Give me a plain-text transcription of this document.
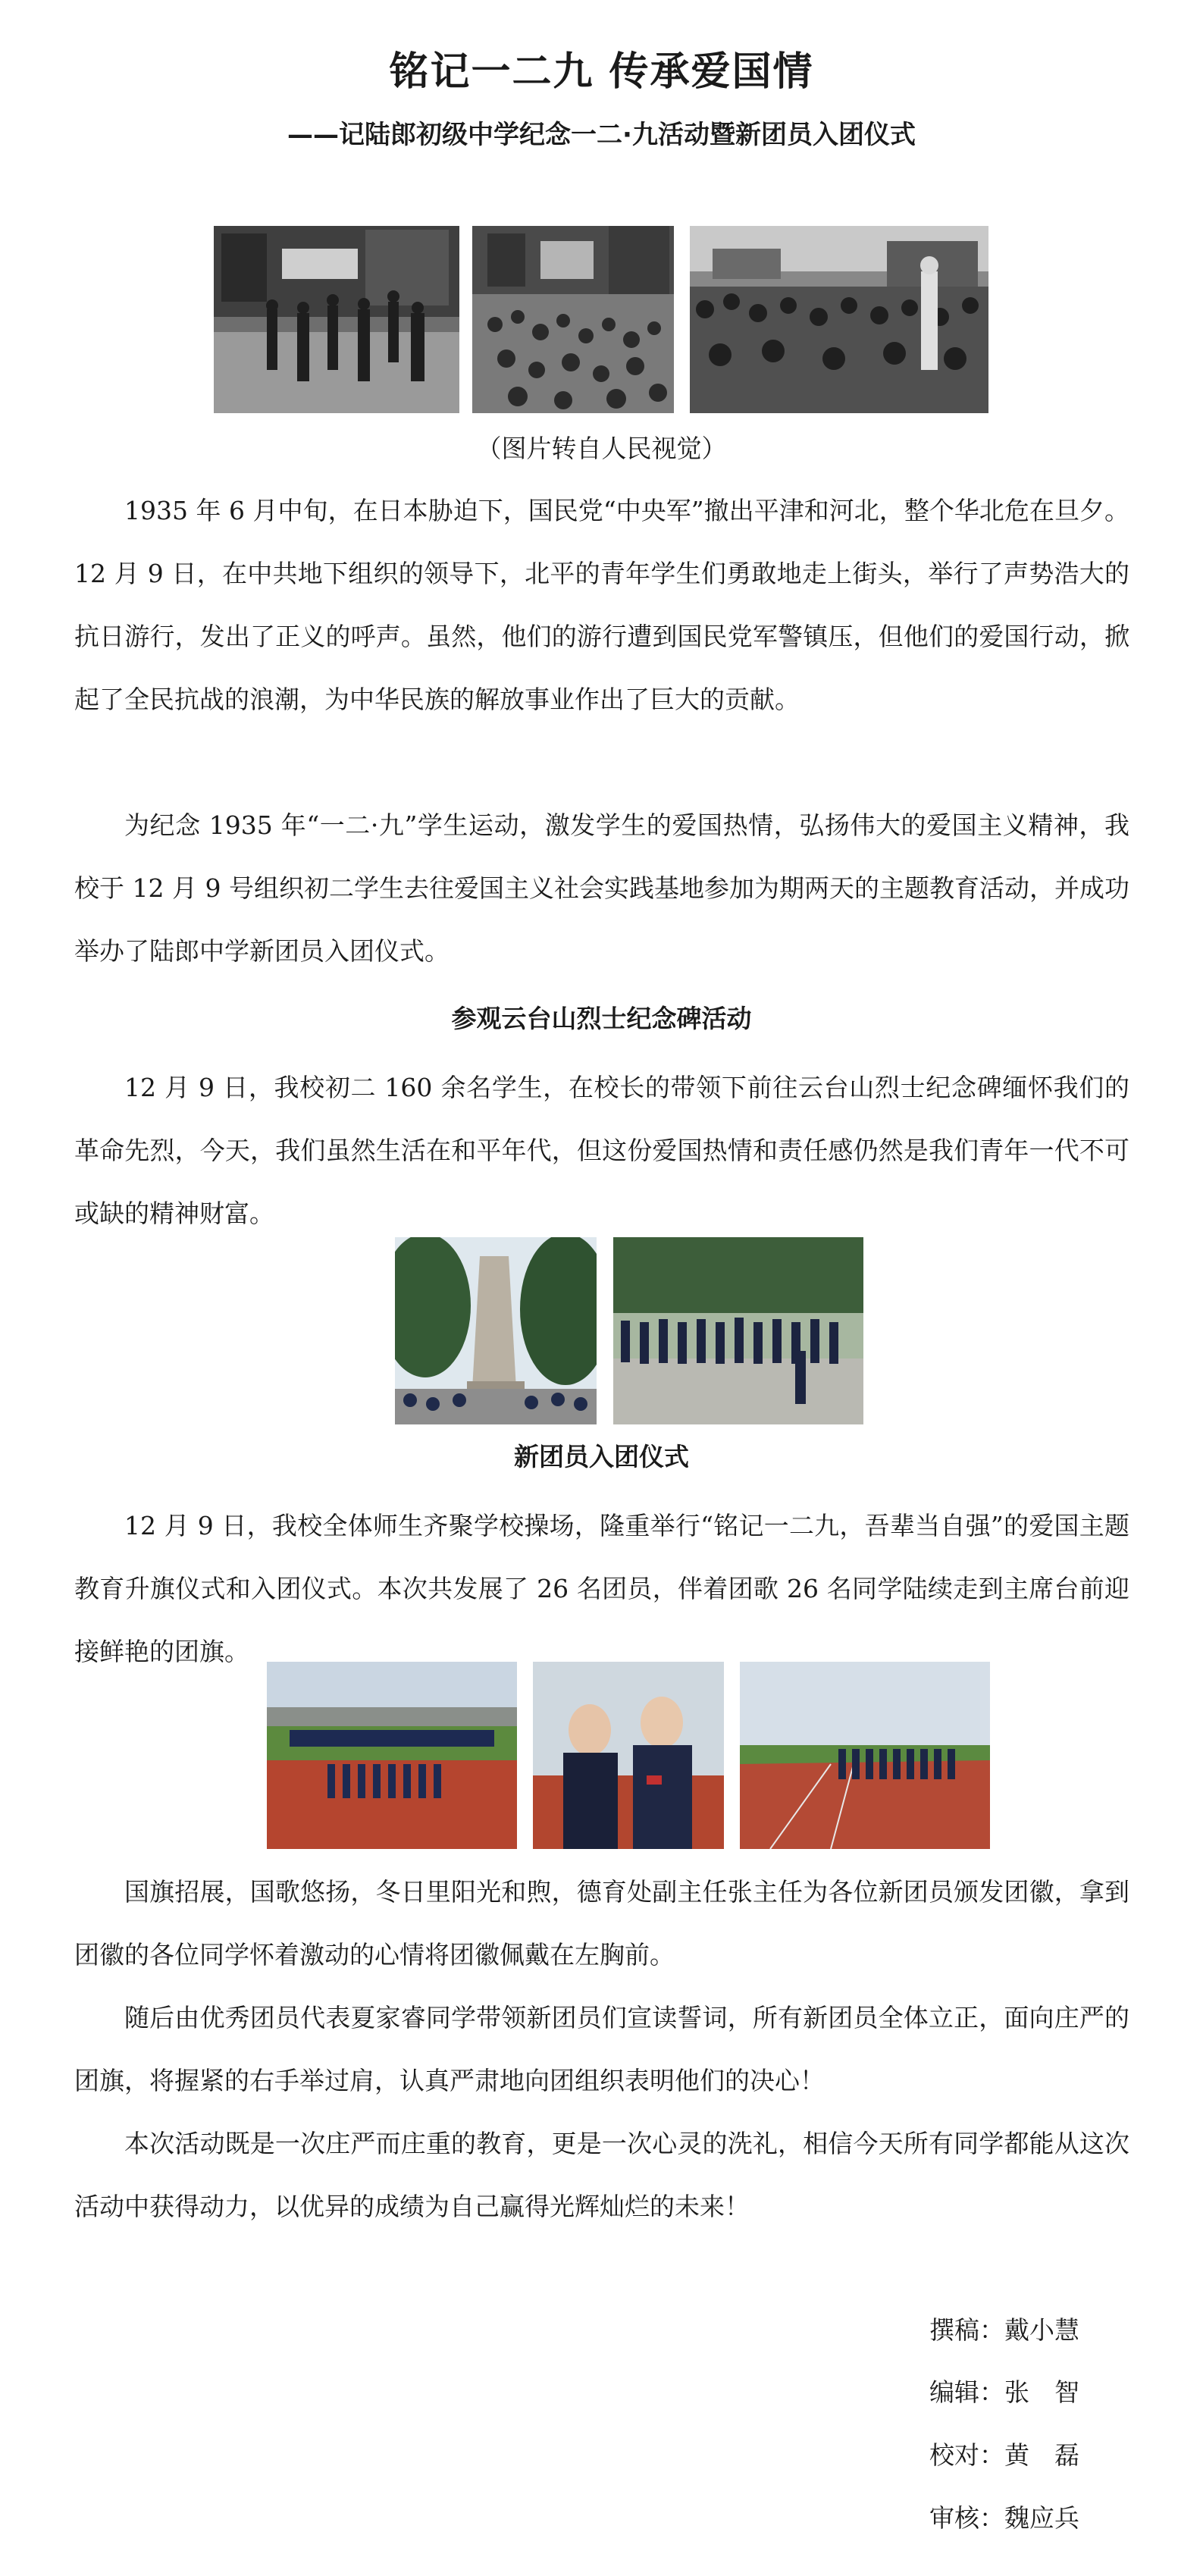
铭记一二九 传承爱国情
——记陆郎初级中学纪念一二·九活动暨新团员入团仪式
（图片转自人民视觉）

1935 年 6 月中旬，在日本胁迫下，国民党“中央军”撤出平津和河北，整个华北危在旦夕。12 月 9 日，在中共地下组织的领导下，北平的青年学生们勇敢地走上街头，举行了声势浩大的抗日游行，发出了正义的呼声。虽然，他们的游行遭到国民党军警镇压，但他们的爱国行动，掀起了全民抗战的浪潮，为中华民族的解放事业作出了巨大的贡献。

为纪念 1935 年“一二·九”学生运动，激发学生的爱国热情，弘扬伟大的爱国主义精神，我校于 12 月 9 号组织初二学生去往爱国主义社会实践基地参加为期两天的主题教育活动，并成功举办了陆郎中学新团员入团仪式。

参观云台山烈士纪念碑活动

12 月 9 日，我校初二 160 余名学生，在校长的带领下前往云台山烈士纪念碑缅怀我们的革命先烈，今天，我们虽然生活在和平年代，但这份爱国热情和责任感仍然是我们青年一代不可或缺的精神财富。

新团员入团仪式

12 月 9 日，我校全体师生齐聚学校操场，隆重举行“铭记一二九，吾辈当自强”的爱国主题教育升旗仪式和入团仪式。本次共发展了 26 名团员，伴着团歌 26 名同学陆续走到主席台前迎接鲜艳的团旗。

国旗招展，国歌悠扬，冬日里阳光和煦，德育处副主任张主任为各位新团员颁发团徽，拿到团徽的各位同学怀着激动的心情将团徽佩戴在左胸前。

随后由优秀团员代表夏家睿同学带领新团员们宣读誓词，所有新团员全体立正，面向庄严的团旗，将握紧的右手举过肩，认真严肃地向团组织表明他们的决心！

本次活动既是一次庄严而庄重的教育，更是一次心灵的洗礼，相信今天所有同学都能从这次活动中获得动力，以优异的成绩为自己赢得光辉灿烂的未来！

撰稿：戴小慧
编辑：张　智
校对：黄　磊
审核：魏应兵
